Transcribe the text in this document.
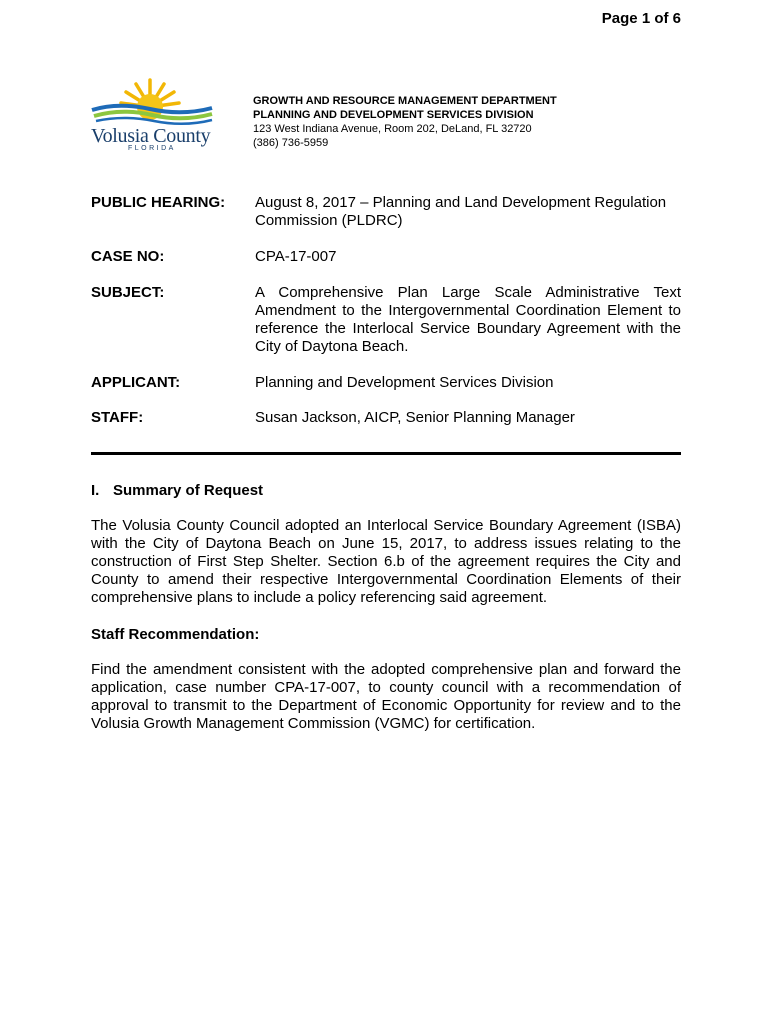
Page 1 of 6
Volusia County
FLORIDA
GROWTH AND RESOURCE MANAGEMENT DEPARTMENT
PLANNING AND DEVELOPMENT SERVICES DIVISION
123 West Indiana Avenue, Room 202, DeLand, FL 32720
(386) 736-5959
PUBLIC HEARING: August 8, 2017 – Planning and Land Development Regulation Commission (PLDRC)
CASE NO:	CPA-17-007
SUBJECT:	A Comprehensive Plan Large Scale Administrative Text Amendment to the Intergovernmental Coordination Element to reference the Interlocal Service Boundary Agreement with the City of Daytona Beach.
APPLICANT:	Planning and Development Services Division
STAFF:	Susan Jackson, AICP, Senior Planning Manager
I. Summary of Request
The Volusia County Council adopted an Interlocal Service Boundary Agreement (ISBA) with the City of Daytona Beach on June 15, 2017, to address issues relating to the construction of First Step Shelter. Section 6.b of the agreement requires the City and County to amend their respective Intergovernmental Coordination Elements of their comprehensive plans to include a policy referencing said agreement.
Staff Recommendation:
Find the amendment consistent with the adopted comprehensive plan and forward the application, case number CPA-17-007, to county council with a recommendation of approval to transmit to the Department of Economic Opportunity for review and to the Volusia Growth Management Commission (VGMC) for certification.
